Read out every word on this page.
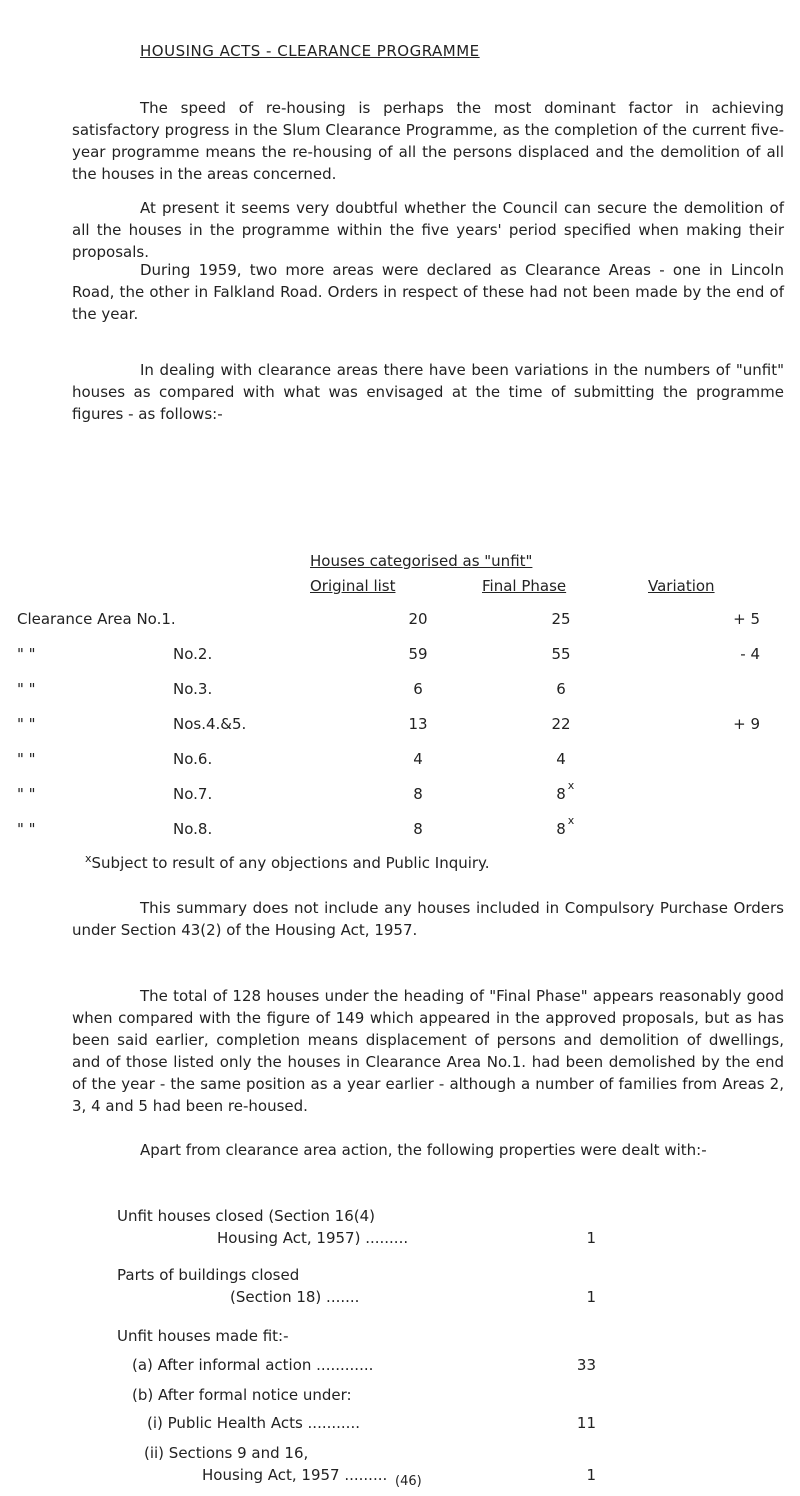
HOUSING ACTS - CLEARANCE PROGRAMME

The speed of re-housing is perhaps the most dominant factor in achieving satisfactory progress in the Slum Clearance Programme, as the completion of the current five-year programme means the re-housing of all the persons displaced and the demolition of all the houses in the areas concerned.

At present it seems very doubtful whether the Council can secure the demolition of all the houses in the programme within the five years' period specified when making their proposals.

During 1959, two more areas were declared as Clearance Areas - one in Lincoln Road, the other in Falkland Road. Orders in respect of these had not been made by the end of the year.

In dealing with clearance areas there have been variations in the numbers of "unfit" houses as compared with what was envisaged at the time of submitting the programme figures - as follows:-

Houses categorised as "unfit"
Original list	Final Phase	Variation
Clearance Area No.1.	20	25	+ 5
" "	No.2.	59	55	- 4
" "	No.3.	6	6
" "	Nos.4.&5.	13	22	+ 9
" "	No.6.	4	4
" "	No.7.	8	8 x
" "	No.8.	8	8 x
$^x$Subject to result of any objections and Public Inquiry.

This summary does not include any houses included in Compulsory Purchase Orders under Section 43(2) of the Housing Act, 1957.

The total of 128 houses under the heading of "Final Phase" appears reasonably good when compared with the figure of 149 which appeared in the approved proposals, but as has been said earlier, completion means displacement of persons and demolition of dwellings, and of those listed only the houses in Clearance Area No.1. had been demolished by the end of the year - the same position as a year earlier - although a number of families from Areas 2, 3, 4 and 5 had been re-housed.

Apart from clearance area action, the following properties were dealt with:-

Unfit houses closed (Section 16(4)
Housing Act, 1957) .........	1
Parts of buildings closed
(Section 18) .......	1
Unfit houses made fit:-
(a) After informal action ............	33
(b) After formal notice under:
(i) Public Health Acts ...........	11
(ii) Sections 9 and 16,
Housing Act, 1957 .........	1
(46)
